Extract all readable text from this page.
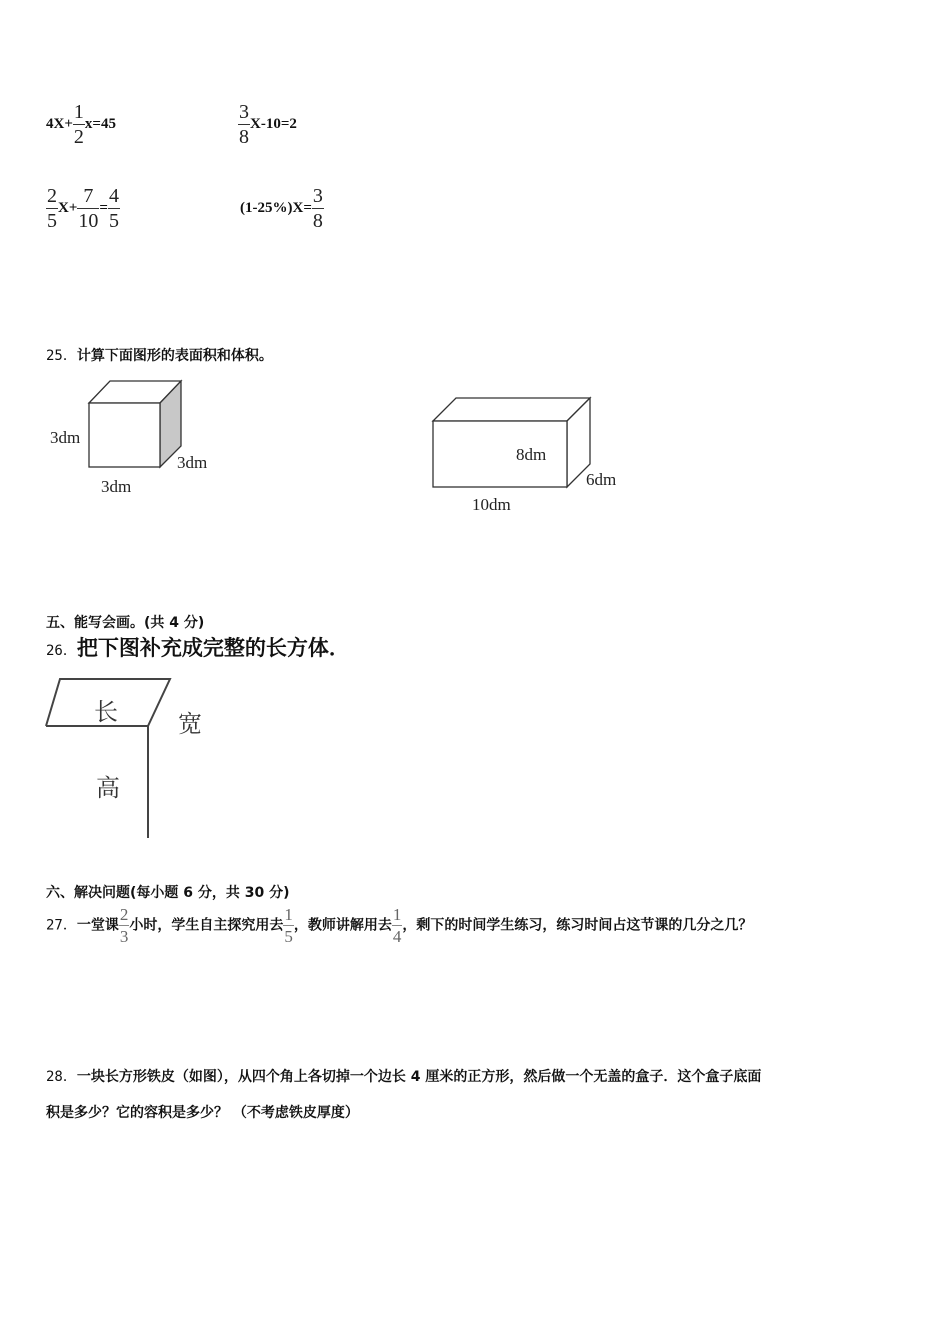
$4X+ \frac{1}{2} x=45$	$\frac{3}{8} X-10=2$
$\frac{2}{5} X+ \frac{7}{10} = \frac{4}{5}$	$(1-25\%)X= \frac{3}{8}$
25．计算下面图形的表面积和体积。
3dm
3dm
3dm
8dm
6dm
10dm
五、能写会画。(共 4 分)
26．把下图补充成完整的长方体．
长	宽
高
六、解决问题(每小题 6 分，共 30 分)
27．一堂课 $\frac{2}{3}$ 小时，学生自主探究用去 $\frac{1}{5}$ ，教师讲解用去 $\frac{1}{4}$ ，剩下的时间学生练习，练习时间占这节课的几分之几？
28．一块长方形铁皮（如图），从四个角上各切掉一个边长 4 厘米的正方形，然后做一个无盖的盒子．这个盒子底面
积是多少？它的容积是多少？ （不考虑铁皮厚度）
